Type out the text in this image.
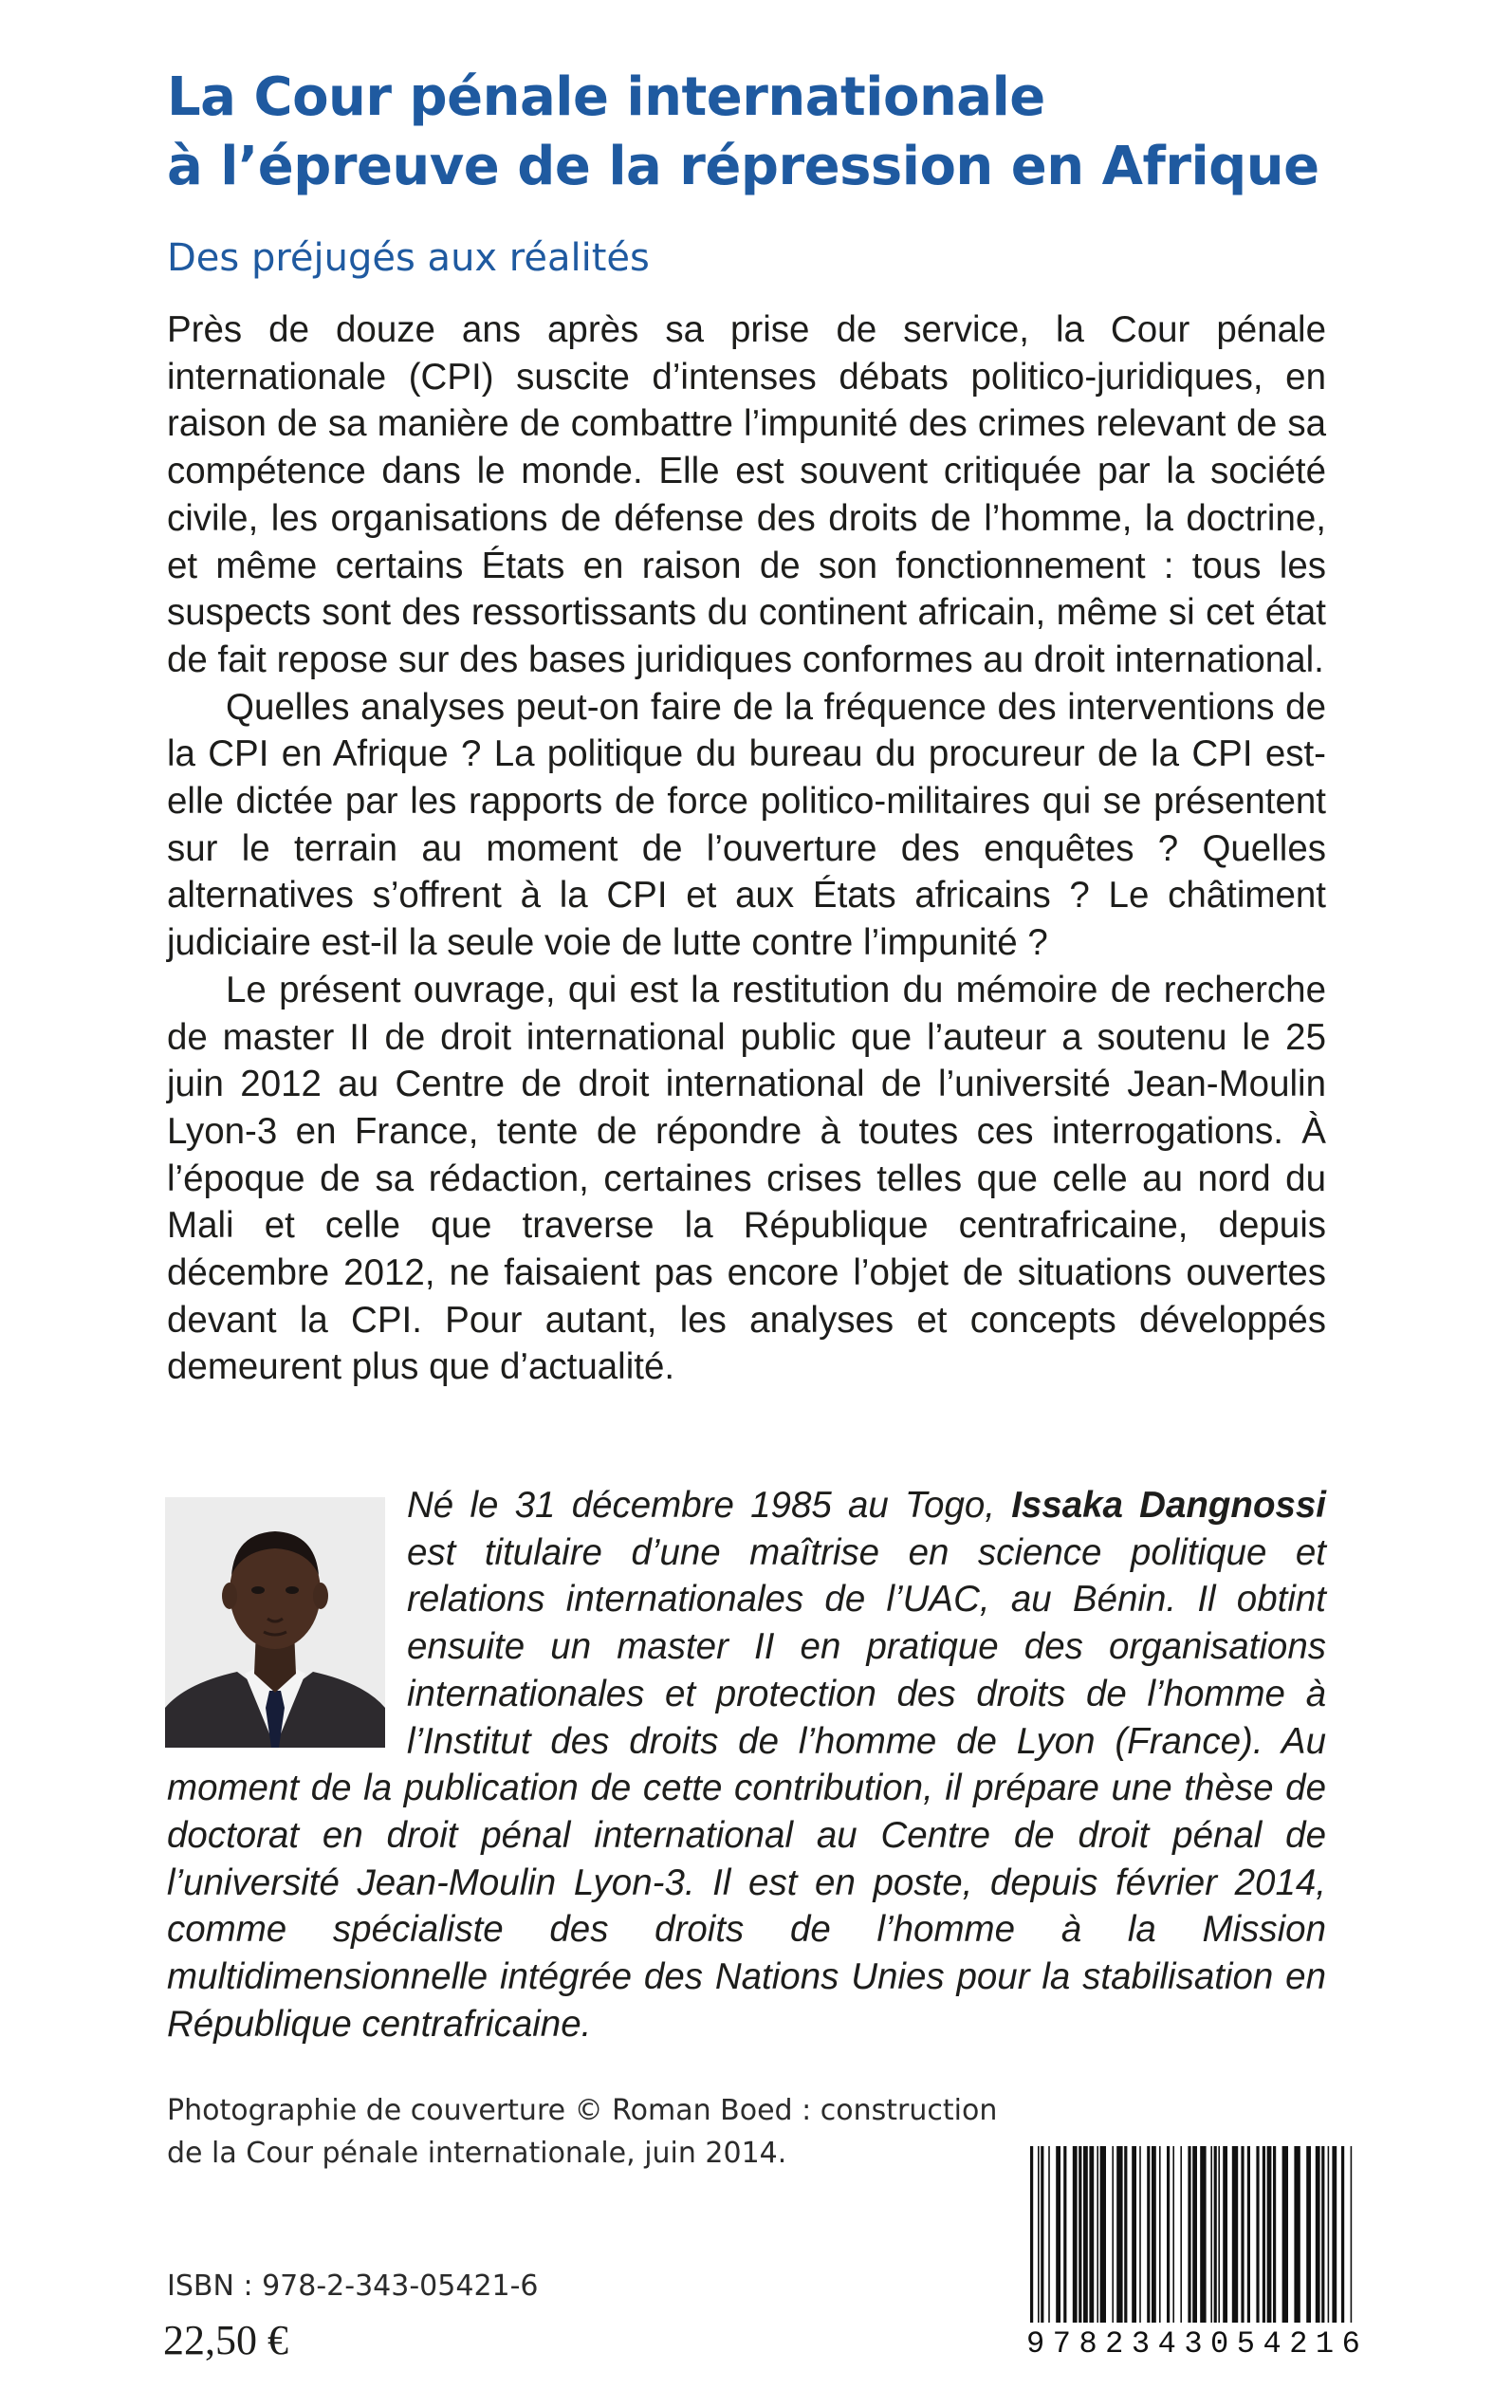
La Cour pénale internationale
à l’épreuve de la répression en Afrique
Des préjugés aux réalités

Près de douze ans après sa prise de service, la Cour pénale internationale (CPI) suscite d’intenses débats politico-juridiques, en raison de sa manière de combattre l’impunité des crimes relevant de sa compétence dans le monde. Elle est souvent critiquée par la société civile, les organisations de défense des droits de l’homme, la doctrine, et même certains États en raison de son fonctionnement : tous les suspects sont des ressortissants du continent africain, même si cet état de fait repose sur des bases juridiques conformes au droit international.

Quelles analyses peut-on faire de la fréquence des interventions de la CPI en Afrique ? La politique du bureau du procureur de la CPI est-elle dictée par les rapports de force politico-militaires qui se présentent sur le terrain au moment de l’ouverture des enquêtes ? Quelles alternatives s’offrent à la CPI et aux États africains ? Le châtiment judiciaire est-il la seule voie de lutte contre l’impunité ?

Le présent ouvrage, qui est la restitution du mémoire de recherche de master II de droit international public que l’auteur a soutenu le 25 juin 2012 au Centre de droit international de l’université Jean-Moulin Lyon-3 en France, tente de répondre à toutes ces interrogations. À l’époque de sa rédaction, certaines crises telles que celle au nord du Mali et celle que traverse la République centrafricaine, depuis décembre 2012, ne faisaient pas encore l’objet de situations ouvertes devant la CPI. Pour autant, les analyses et concepts développés demeurent plus que d’actualité.

Né le 31 décembre 1985 au Togo, Issaka Dangnossi est titulaire d’une maîtrise en science politique et relations internationales de l’UAC, au Bénin. Il obtint ensuite un master II en pratique des organisations internationales et protection des droits de l’homme à l’Institut des droits de l’homme de Lyon (France). Au moment de la publication de cette contribution, il prépare une thèse de doctorat en droit pénal international au Centre de droit pénal de l’université Jean-Moulin Lyon-3. Il est en poste, depuis février 2014, comme spécialiste des droits de l’homme à la Mission multidimensionnelle intégrée des Nations Unies pour la stabilisation en République centrafricaine.
Photographie de couverture © Roman Boed : construction
de la Cour pénale internationale, juin 2014.
ISBN : 978-2-343-05421-6
22,50 €	9 7 8 2 3 4 3 0 5 4 2 1 6
